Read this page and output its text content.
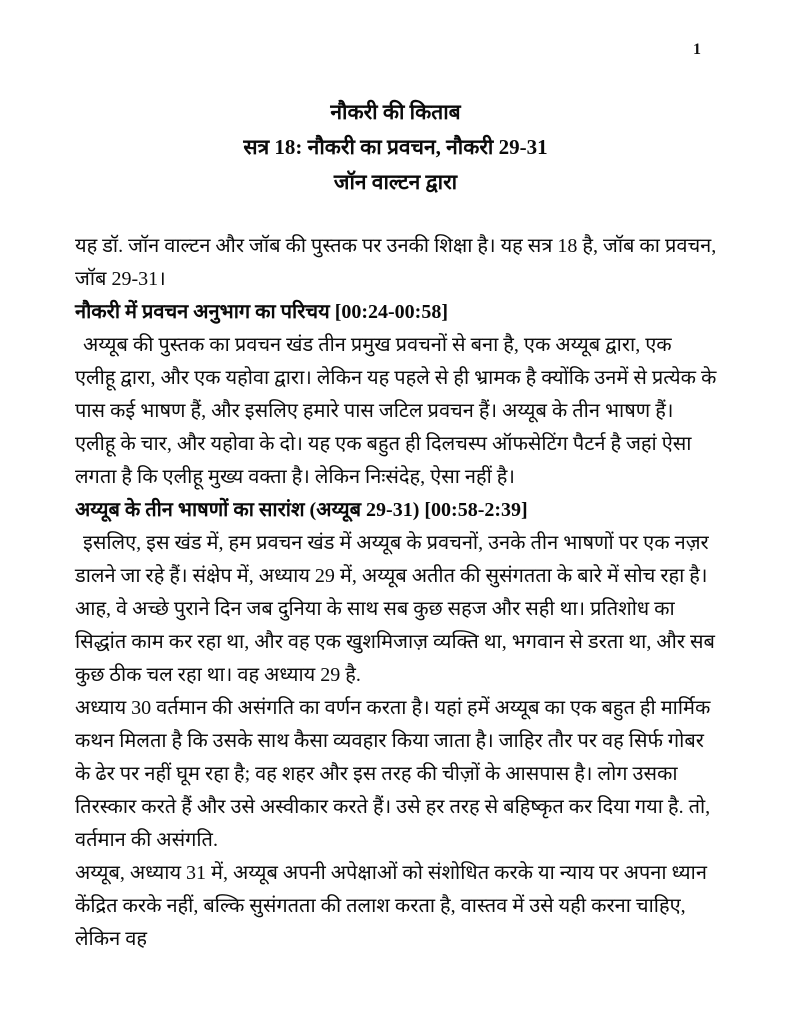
1
नौकरी की किताब
सत्र 18: नौकरी का प्रवचन, नौकरी 29-31
जॉन वाल्टन द्वारा

यह डॉ. जॉन वाल्टन और जॉब की पुस्तक पर उनकी शिक्षा है। यह सत्र 18 है, जॉब का प्रवचन, जॉब 29-31।

नौकरी में प्रवचन अनुभाग का परिचय [00:24-00:58]

अय्यूब की पुस्तक का प्रवचन खंड तीन प्रमुख प्रवचनों से बना है, एक अय्यूब द्वारा, एक एलीहू द्वारा, और एक यहोवा द्वारा। लेकिन यह पहले से ही भ्रामक है क्योंकि उनमें से प्रत्येक के पास कई भाषण हैं, और इसलिए हमारे पास जटिल प्रवचन हैं। अय्यूब के तीन भाषण हैं। एलीहू के चार, और यहोवा के दो। यह एक बहुत ही दिलचस्प ऑफसेटिंग पैटर्न है जहां ऐसा लगता है कि एलीहू मुख्य वक्ता है। लेकिन निःसंदेह, ऐसा नहीं है।

अय्यूब के तीन भाषणों का सारांश (अय्यूब 29-31) [00:58-2:39]

इसलिए, इस खंड में, हम प्रवचन खंड में अय्यूब के प्रवचनों, उनके तीन भाषणों पर एक नज़र डालने जा रहे हैं। संक्षेप में, अध्याय 29 में, अय्यूब अतीत की सुसंगतता के बारे में सोच रहा है। आह, वे अच्छे पुराने दिन जब दुनिया के साथ सब कुछ सहज और सही था। प्रतिशोध का सिद्धांत काम कर रहा था, और वह एक खुशमिजाज़ व्यक्ति था, भगवान से डरता था, और सब कुछ ठीक चल रहा था। वह अध्याय 29 है.

अध्याय 30 वर्तमान की असंगति का वर्णन करता है। यहां हमें अय्यूब का एक बहुत ही मार्मिक कथन मिलता है कि उसके साथ कैसा व्यवहार किया जाता है। जाहिर तौर पर वह सिर्फ गोबर के ढेर पर नहीं घूम रहा है; वह शहर और इस तरह की चीज़ों के आसपास है। लोग उसका तिरस्कार करते हैं और उसे अस्वीकार करते हैं। उसे हर तरह से बहिष्कृत कर दिया गया है. तो, वर्तमान की असंगति.

अय्यूब, अध्याय 31 में, अय्यूब अपनी अपेक्षाओं को संशोधित करके या न्याय पर अपना ध्यान केंद्रित करके नहीं, बल्कि सुसंगतता की तलाश करता है, वास्तव में उसे यही करना चाहिए, लेकिन वह
